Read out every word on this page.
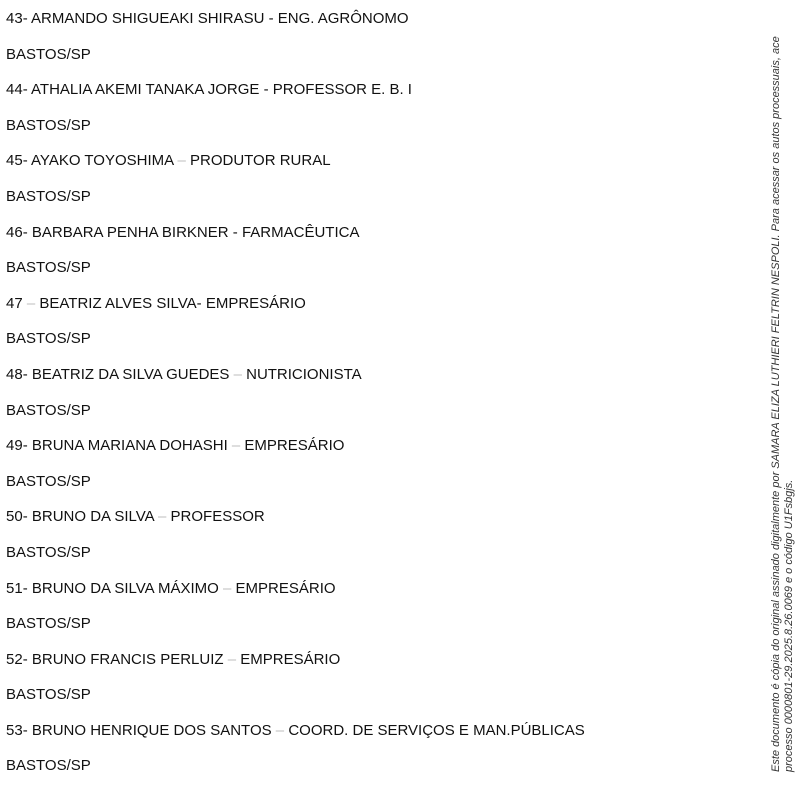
43- ARMANDO SHIGUEAKI SHIRASU - ENG. AGRÔNOMO
BASTOS/SP
44- ATHALIA AKEMI TANAKA JORGE - PROFESSOR E. B. I
BASTOS/SP
45- AYAKO TOYOSHIMA – PRODUTOR RURAL
BASTOS/SP
46- BARBARA PENHA BIRKNER - FARMACÊUTICA
BASTOS/SP
47 – BEATRIZ ALVES SILVA- EMPRESÁRIO
BASTOS/SP
48- BEATRIZ DA SILVA GUEDES – NUTRICIONISTA
BASTOS/SP
49- BRUNA MARIANA DOHASHI – EMPRESÁRIO
BASTOS/SP
50- BRUNO DA SILVA – PROFESSOR
BASTOS/SP
51- BRUNO DA SILVA MÁXIMO – EMPRESÁRIO
BASTOS/SP
52- BRUNO FRANCIS PERLUIZ – EMPRESÁRIO
BASTOS/SP
53- BRUNO HENRIQUE DOS SANTOS – COORD. DE SERVIÇOS E MAN.PÚBLICAS
BASTOS/SP	Este documento é cópia do original assinado digitalmente por SAMARA ELIZA LUTHIERI FELTRIN NESPOLI. Para acessar os autos processuais, ace processo 0000801-29.2025.8.26.0069 e o código U1Fsbgjs.
